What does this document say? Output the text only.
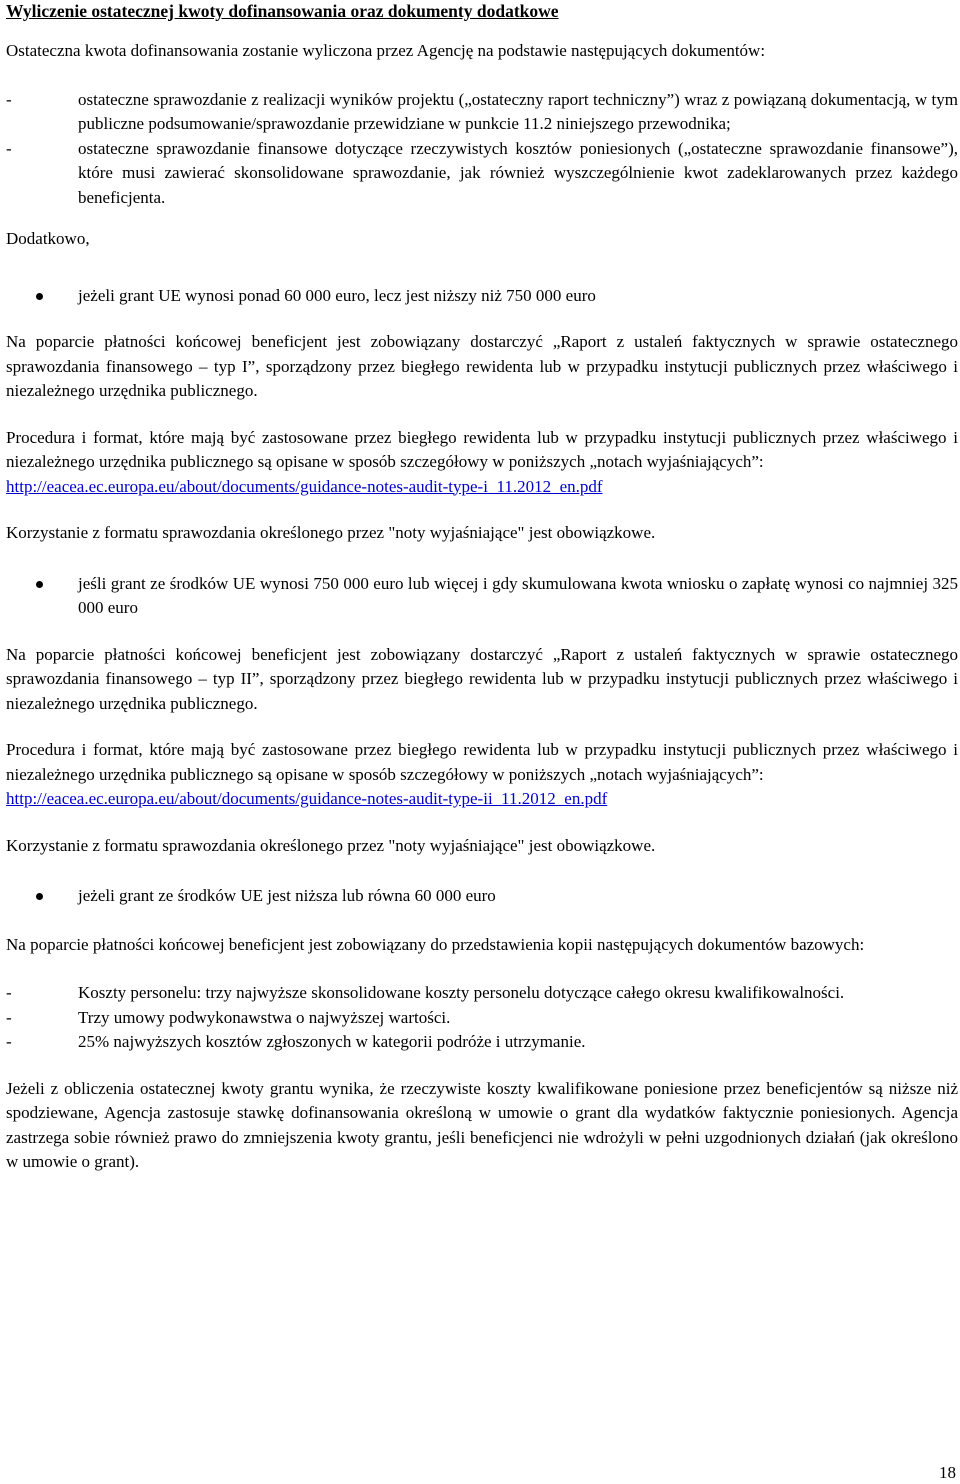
Wyliczenie ostatecznej kwoty dofinansowania oraz dokumenty dodatkowe

Ostateczna kwota dofinansowania zostanie wyliczona przez Agencję na podstawie następujących dokumentów:

-	ostateczne sprawozdanie z realizacji wyników projektu („ostateczny raport techniczny”) wraz z powiązaną dokumentacją, w tym publiczne podsumowanie/sprawozdanie przewidziane w punkcie 11.2 niniejszego przewodnika;
-	ostateczne sprawozdanie finansowe dotyczące rzeczywistych kosztów poniesionych („ostateczne sprawozdanie finansowe”), które musi zawierać skonsolidowane sprawozdanie, jak również wyszczególnienie kwot zadeklarowanych przez każdego beneficjenta.

Dodatkowo,

jeżeli grant UE wynosi ponad 60 000 euro, lecz jest niższy niż 750 000 euro

Na poparcie płatności końcowej beneficjent jest zobowiązany dostarczyć „Raport z ustaleń faktycznych w sprawie ostatecznego sprawozdania finansowego – typ I”, sporządzony przez biegłego rewidenta lub w przypadku instytucji publicznych przez właściwego i niezależnego urzędnika publicznego.

Procedura i format, które mają być zastosowane przez biegłego rewidenta lub w przypadku instytucji publicznych przez właściwego i niezależnego urzędnika publicznego są opisane w sposób szczegółowy w poniższych „notach wyjaśniających”:
http://eacea.ec.europa.eu/about/documents/guidance-notes-audit-type-i_11.2012_en.pdf

Korzystanie z formatu sprawozdania określonego przez "noty wyjaśniające" jest obowiązkowe.

jeśli grant ze środków UE wynosi 750 000 euro lub więcej i gdy skumulowana kwota wniosku o zapłatę wynosi co najmniej 325 000 euro

Na poparcie płatności końcowej beneficjent jest zobowiązany dostarczyć „Raport z ustaleń faktycznych w sprawie ostatecznego sprawozdania finansowego – typ II”, sporządzony przez biegłego rewidenta lub w przypadku instytucji publicznych przez właściwego i niezależnego urzędnika publicznego.

Procedura i format, które mają być zastosowane przez biegłego rewidenta lub w przypadku instytucji publicznych przez właściwego i niezależnego urzędnika publicznego są opisane w sposób szczegółowy w poniższych „notach wyjaśniających”:
http://eacea.ec.europa.eu/about/documents/guidance-notes-audit-type-ii_11.2012_en.pdf

Korzystanie z formatu sprawozdania określonego przez "noty wyjaśniające" jest obowiązkowe.

jeżeli grant ze środków UE jest niższa lub równa 60 000 euro

Na poparcie płatności końcowej beneficjent jest zobowiązany do przedstawienia kopii następujących dokumentów bazowych:

-	Koszty personelu: trzy najwyższe skonsolidowane koszty personelu dotyczące całego okresu kwalifikowalności.
-	Trzy umowy podwykonawstwa o najwyższej wartości.
-	25% najwyższych kosztów zgłoszonych w kategorii podróże i utrzymanie.

Jeżeli z obliczenia ostatecznej kwoty grantu wynika, że rzeczywiste koszty kwalifikowane poniesione przez beneficjentów są niższe niż spodziewane, Agencja zastosuje stawkę dofinansowania określoną w umowie o grant dla wydatków faktycznie poniesionych. Agencja zastrzega sobie również prawo do zmniejszenia kwoty grantu, jeśli beneficjenci nie wdrożyli w pełni uzgodnionych działań (jak określono w umowie o grant).

18
